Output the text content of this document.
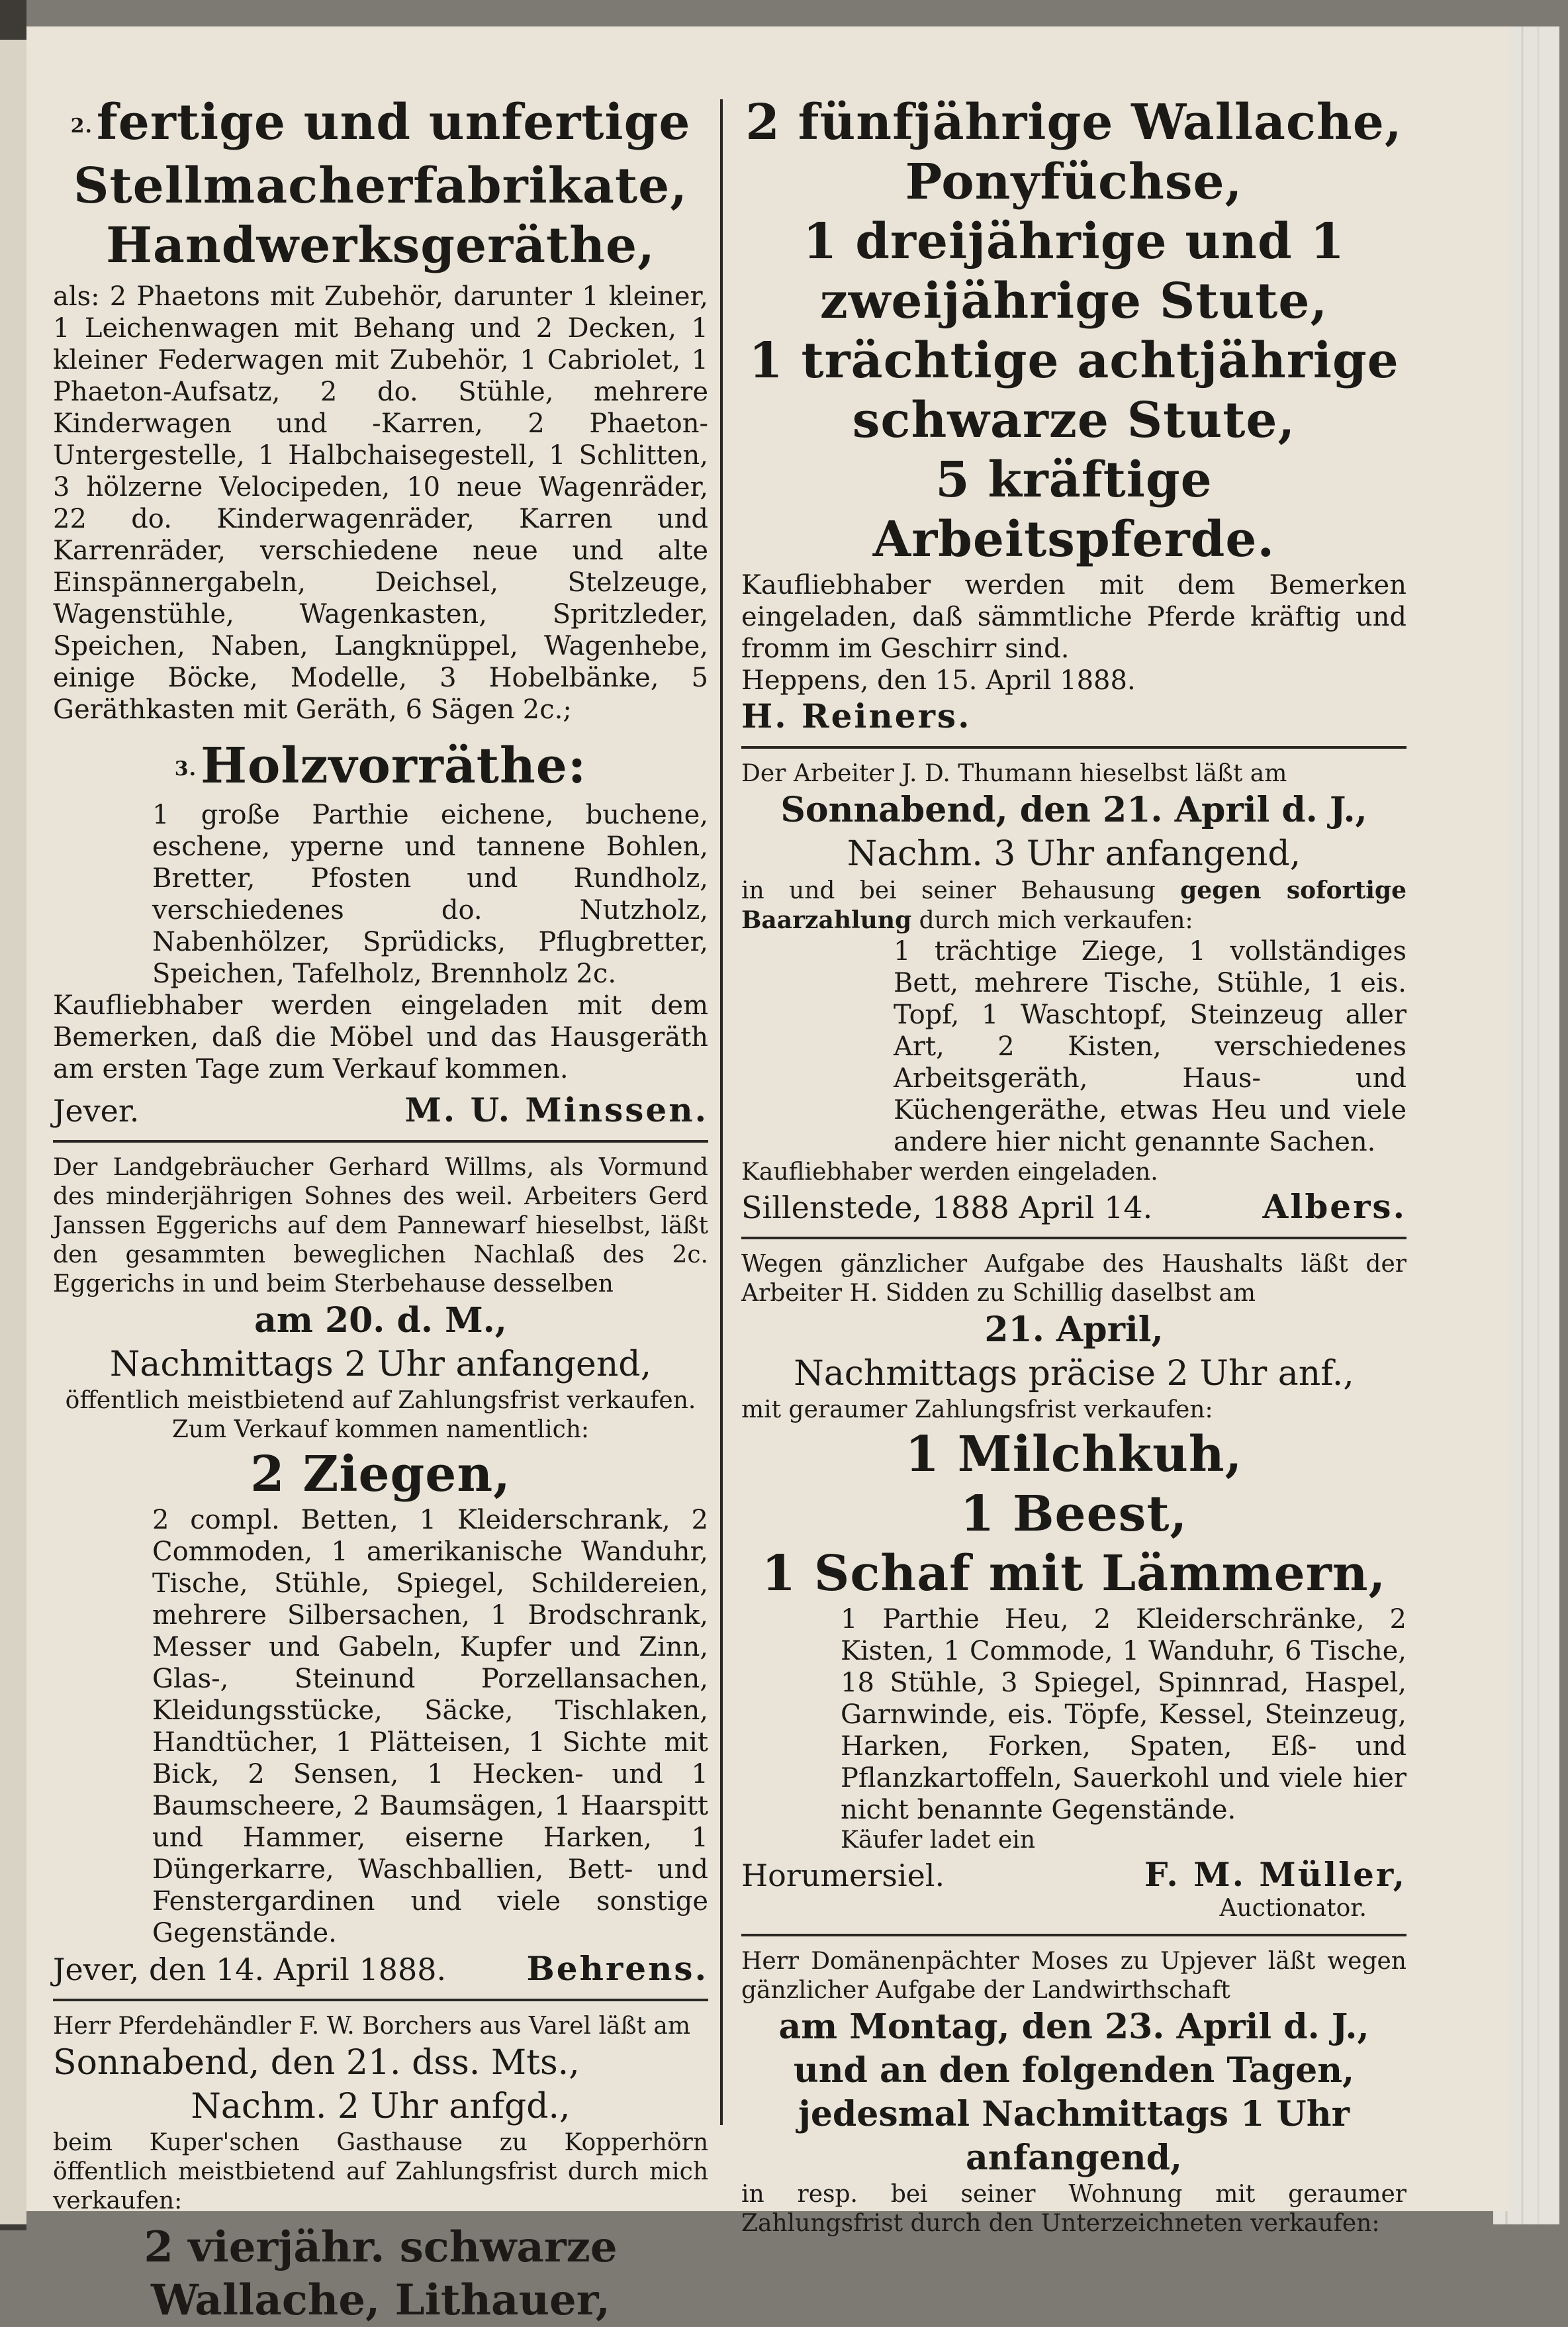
2.fertige und unfertige Stellmacherfabrikate, Handwerksgeräthe,

als: 2 Phaetons mit Zubehör, darunter 1 kleiner, 1 Leichenwagen mit Behang und 2 Decken, 1 kleiner Federwagen mit Zubehör, 1 Cabriolet, 1 Phaeton-Aufsatz, 2 do. Stühle, mehrere Kinderwagen und -Karren, 2 Phaeton-Untergestelle, 1 Halbchaisegestell, 1 Schlitten, 3 hölzerne Velocipeden, 10 neue Wagenräder, 22 do. Kinderwagenräder, Karren und Karrenräder, verschiedene neue und alte Einspännergabeln, Deichsel, Stelzeuge, Wagenstühle, Wagenkasten, Spritzleder, Speichen, Naben, Langknüppel, Wagenhebe, einige Böcke, Modelle, 3 Hobelbänke, 5 Geräthkasten mit Geräth, 6 Sägen 2c.;

3.Holzvorräthe:

1 große Parthie eichene, buchene, eschene, yperne und tannene Bohlen, Bretter, Pfosten und Rundholz, verschiedenes do. Nutzholz, Nabenhölzer, Sprüdicks, Pflugbretter, Speichen, Tafelholz, Brennholz 2c.

Kaufliebhaber werden eingeladen mit dem Bemerken, daß die Möbel und das Hausgeräth am ersten Tage zum Verkauf kommen.

Jever.	M. U. Minssen.

Der Landgebräucher Gerhard Willms, als Vormund des minderjährigen Sohnes des weil. Arbeiters Gerd Janssen Eggerichs auf dem Pannewarf hieselbst, läßt den gesammten beweglichen Nachlaß des 2c. Eggerichs in und beim Sterbehause desselben

am 20. d. M.,

Nachmittags 2 Uhr anfangend,

öffentlich meistbietend auf Zahlungsfrist verkaufen.

Zum Verkauf kommen namentlich:

2 Ziegen,

2 compl. Betten, 1 Kleiderschrank, 2 Commoden, 1 amerikanische Wanduhr, Tische, Stühle, Spiegel, Schildereien, mehrere Silbersachen, 1 Brodschrank, Messer und Gabeln, Kupfer und Zinn, Glas-, Steinund Porzellansachen, Kleidungsstücke, Säcke, Tischlaken, Handtücher, 1 Plätteisen, 1 Sichte mit Bick, 2 Sensen, 1 Hecken- und 1 Baumscheere, 2 Baumsägen, 1 Haarspitt und Hammer, eiserne Harken, 1 Düngerkarre, Waschballien, Bett- und Fenstergardinen und viele sonstige Gegenstände.

Jever, den 14. April 1888. Behrens.

Herr Pferdehändler F. W. Borchers aus Varel läßt am

Sonnabend, den 21. dss. Mts.,

Nachm. 2 Uhr anfgd.,

beim Kuper'schen Gasthause zu Kopperhörn öffentlich meistbietend auf Zahlungsfrist durch mich verkaufen:

2 vierjähr. schwarze Wallache, Lithauer,

2 fünfjährige Wallache,

Ponyfüchse,

1 dreijährige und 1 zweijährige Stute,

1 trächtige achtjährige schwarze Stute,

5 kräftige Arbeitspferde.

Kaufliebhaber werden mit dem Bemerken eingeladen, daß sämmtliche Pferde kräftig und fromm im Geschirr sind.

Heppens, den 15. April 1888.

H. Reiners.

Der Arbeiter J. D. Thumann hieselbst läßt am

Sonnabend, den 21. April d. J.,

Nachm. 3 Uhr anfangend,

in und bei seiner Behausung gegen sofortige Baarzahlung durch mich verkaufen:

1 trächtige Ziege, 1 vollständiges Bett, mehrere Tische, Stühle, 1 eis. Topf, 1 Waschtopf, Steinzeug aller Art, 2 Kisten, verschiedenes Arbeitsgeräth, Haus- und Küchengeräthe, etwas Heu und viele andere hier nicht genannte Sachen.

Kaufliebhaber werden eingeladen.

Sillenstede, 1888 April 14.	Albers.

Wegen gänzlicher Aufgabe des Haushalts läßt der Arbeiter H. Sidden zu Schillig daselbst am

21. April,

Nachmittags präcise 2 Uhr anf.,

mit geraumer Zahlungsfrist verkaufen:

1 Milchkuh,

1 Beest,

1 Schaf mit Lämmern,

1 Parthie Heu, 2 Kleiderschränke, 2 Kisten, 1 Commode, 1 Wanduhr, 6 Tische, 18 Stühle, 3 Spiegel, Spinnrad, Haspel, Garnwinde, eis. Töpfe, Kessel, Steinzeug, Harken, Forken, Spaten, Eß- und Pflanzkartoffeln, Sauerkohl und viele hier nicht benannte Gegenstände.

Käufer ladet ein

Horumersiel.	F. M. Müller,

Auctionator.

Herr Domänenpächter Moses zu Upjever läßt wegen gänzlicher Aufgabe der Landwirthschaft

am Montag, den 23. April d. J., und an den folgenden Tagen, jedesmal Nachmittags 1 Uhr anfangend,

in resp. bei seiner Wohnung mit geraumer Zahlungsfrist durch den Unterzeichneten verkaufen:
